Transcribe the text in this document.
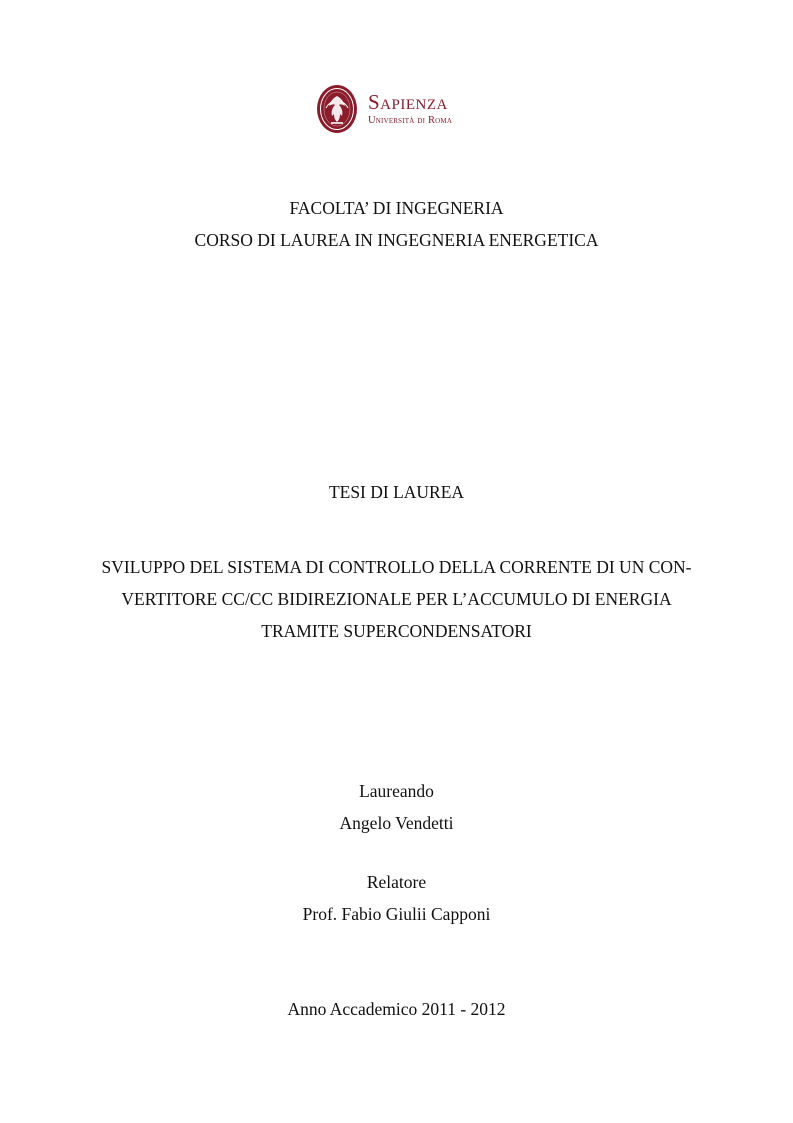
Sapienza
Università di Roma
FACOLTA’ DI INGEGNERIA
CORSO DI LAUREA IN INGEGNERIA ENERGETICA
TESI DI LAUREA
SVILUPPO DEL SISTEMA DI CONTROLLO DELLA CORRENTE DI UN CON-
VERTITORE CC/CC BIDIREZIONALE PER L’ACCUMULO DI ENERGIA
TRAMITE SUPERCONDENSATORI
Laureando
Angelo Vendetti
Relatore
Prof. Fabio Giulii Capponi
Anno Accademico 2011 - 2012
